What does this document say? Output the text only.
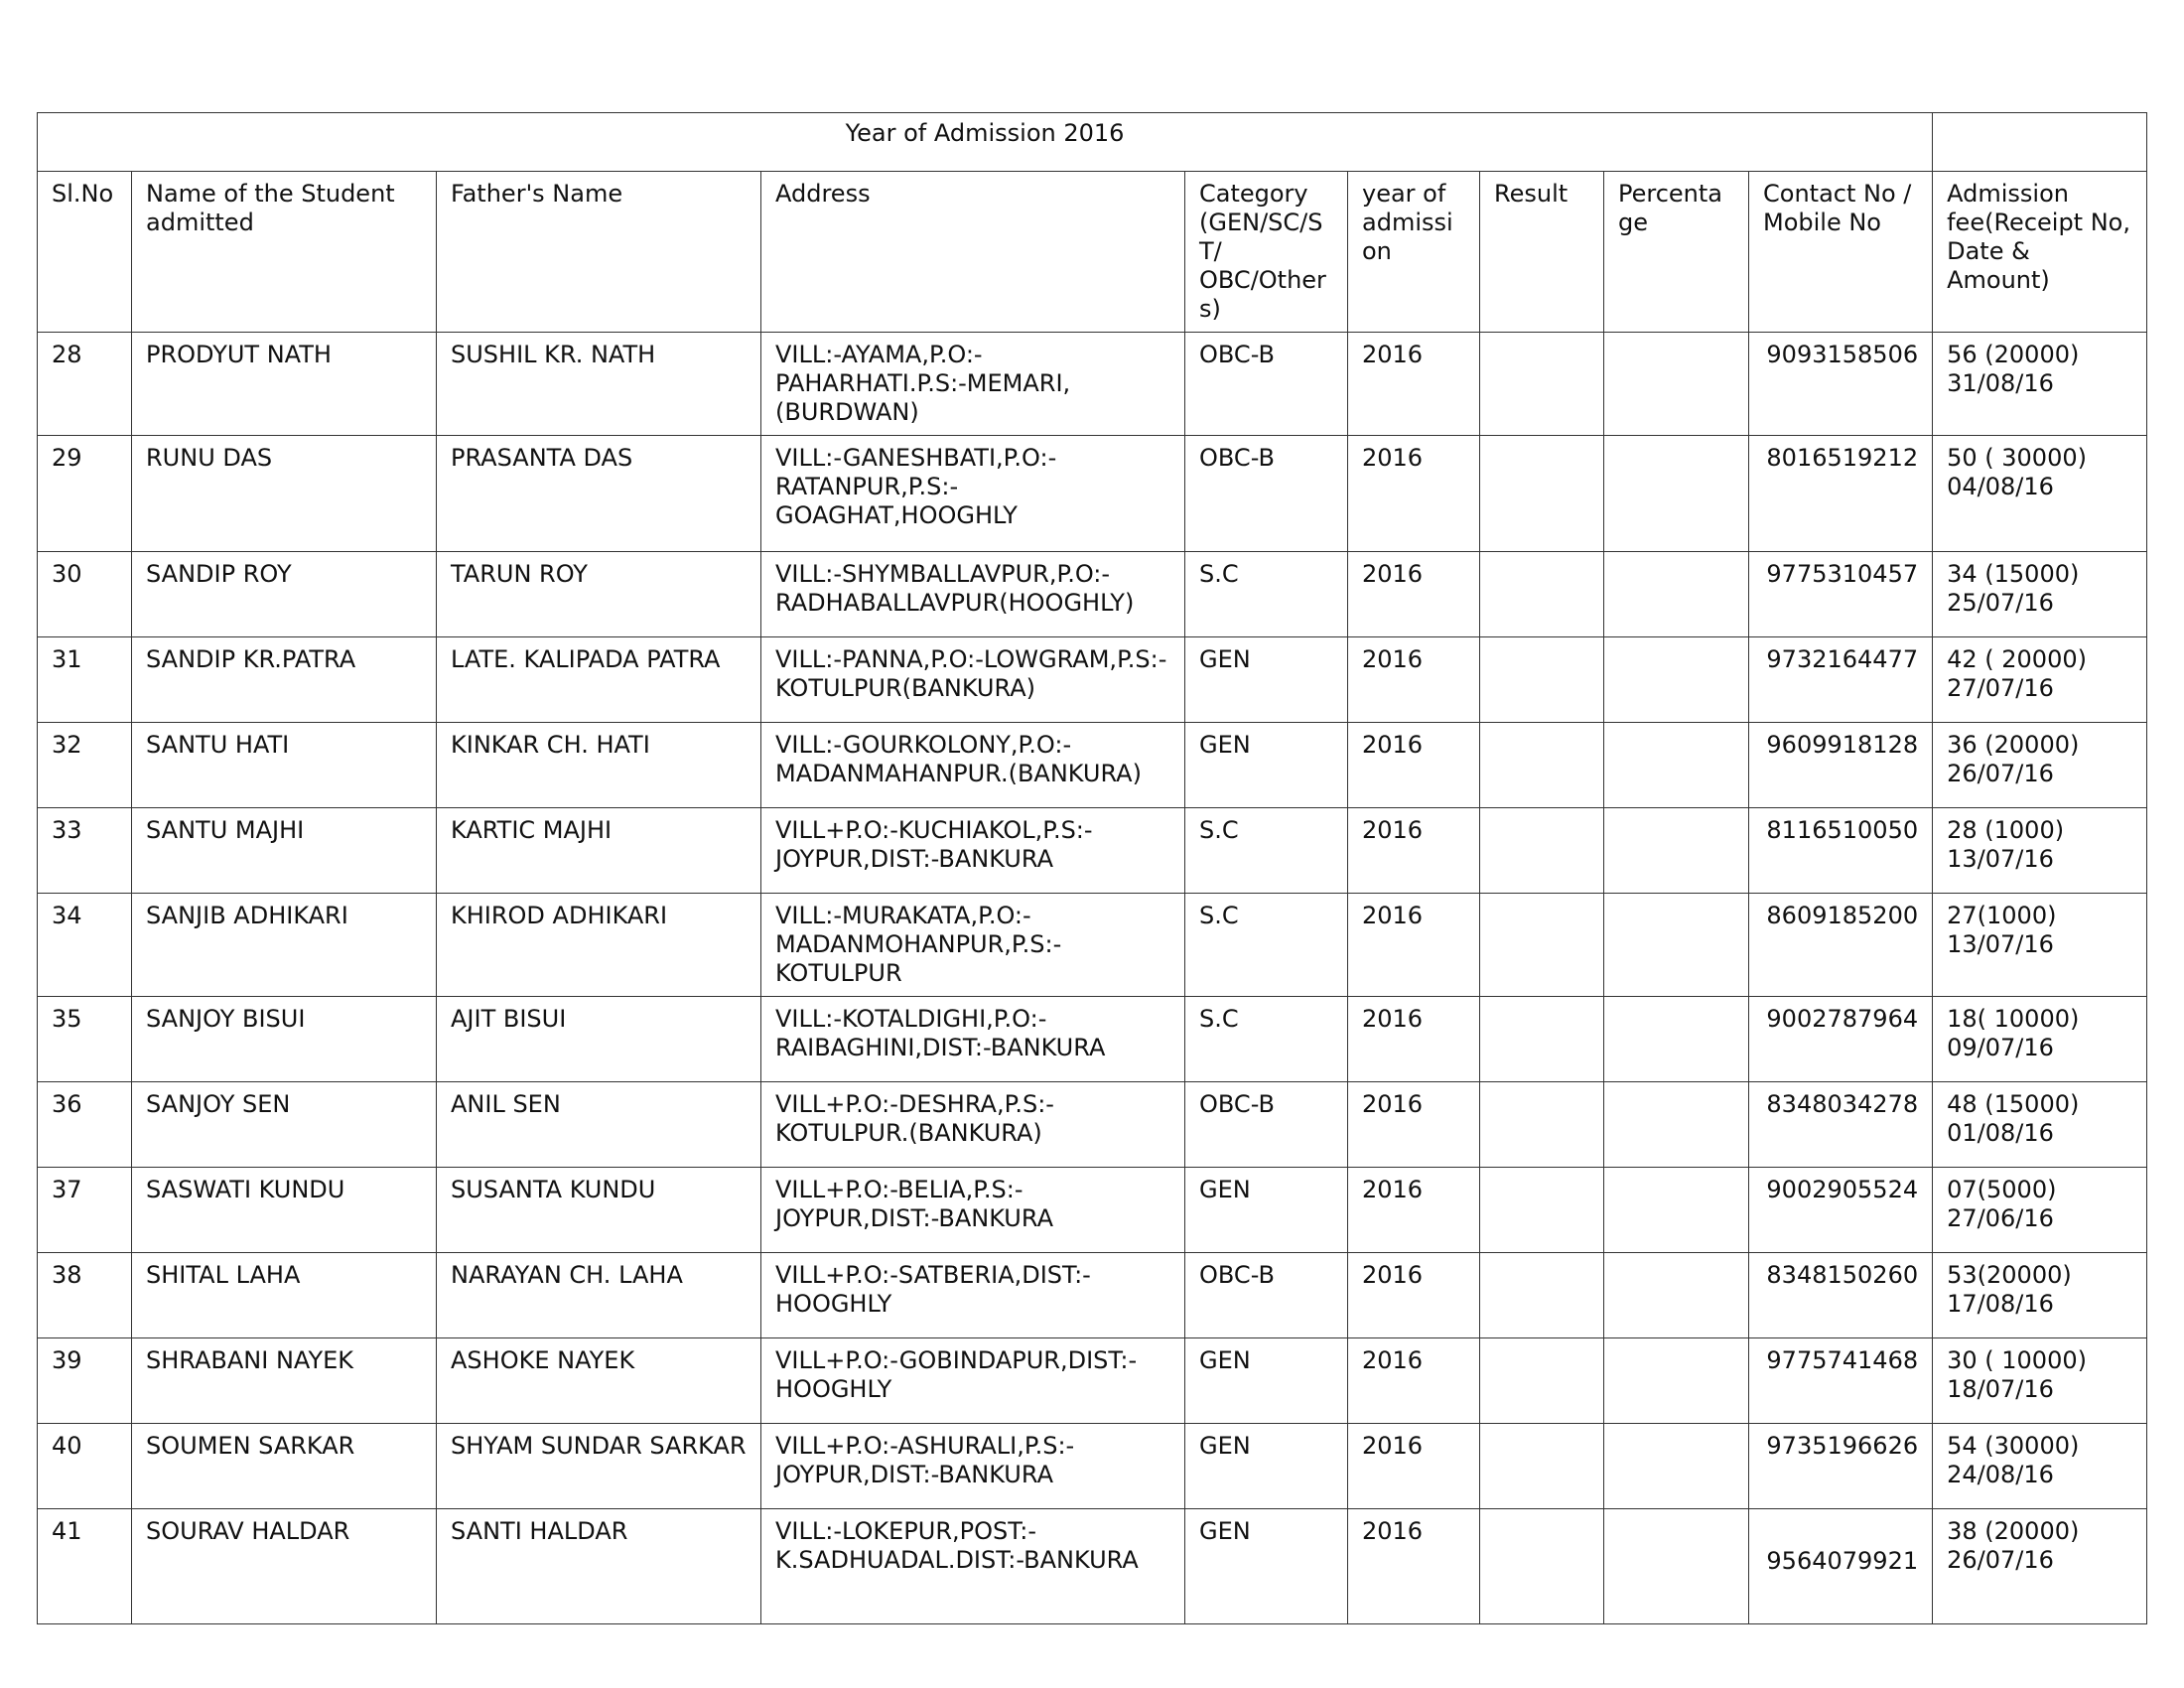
Year of Admission 2016									
Sl.No	Name of the Student admitted	Father's Name	Address	Category (GEN/SC/ST/ OBC/Others)	year of admission	Result	Percentage	Contact No / Mobile No	Admission fee(Receipt No, Date & Amount)
28	PRODYUT NATH	SUSHIL KR. NATH	VILL:-AYAMA,P.O:-PAHARHATI.P.S:-MEMARI,(BURDWAN)	OBC-B	2016			9093158506	56 (20000) 31/08/16
29	RUNU DAS	PRASANTA DAS	VILL:-GANESHBATI,P.O:-RATANPUR,P.S:-GOAGHAT,HOOGHLY	OBC-B	2016			8016519212	50 ( 30000) 04/08/16
30	SANDIP ROY	TARUN ROY	VILL:-SHYMBALLAVPUR,P.O:-RADHABALLAVPUR(HOOGHLY)	S.C	2016			9775310457	34 (15000) 25/07/16
31	SANDIP KR.PATRA	LATE. KALIPADA PATRA	VILL:-PANNA,P.O:-LOWGRAM,P.S:-KOTULPUR(BANKURA)	GEN	2016			9732164477	42 ( 20000) 27/07/16
32	SANTU HATI	KINKAR CH. HATI	VILL:-GOURKOLONY,P.O:-MADANMAHANPUR.(BANKURA)	GEN	2016			9609918128	36 (20000) 26/07/16
33	SANTU MAJHI	KARTIC MAJHI	VILL+P.O:-KUCHIAKOL,P.S:-JOYPUR,DIST:-BANKURA	S.C	2016			8116510050	28 (1000) 13/07/16
34	SANJIB ADHIKARI	KHIROD ADHIKARI	VILL:-MURAKATA,P.O:-MADANMOHANPUR,P.S:-KOTULPUR	S.C	2016			8609185200	27(1000) 13/07/16
35	SANJOY BISUI	AJIT BISUI	VILL:-KOTALDIGHI,P.O:-RAIBAGHINI,DIST:-BANKURA	S.C	2016			9002787964	18( 10000) 09/07/16
36	SANJOY SEN	ANIL SEN	VILL+P.O:-DESHRA,P.S:-KOTULPUR.(BANKURA)	OBC-B	2016			8348034278	48 (15000) 01/08/16
37	SASWATI KUNDU	SUSANTA KUNDU	VILL+P.O:-BELIA,P.S:-JOYPUR,DIST:-BANKURA	GEN	2016			9002905524	07(5000) 27/06/16
38	SHITAL LAHA	NARAYAN CH. LAHA	VILL+P.O:-SATBERIA,DIST:-HOOGHLY	OBC-B	2016			8348150260	53(20000) 17/08/16
39	SHRABANI NAYEK	ASHOKE NAYEK	VILL+P.O:-GOBINDAPUR,DIST:-HOOGHLY	GEN	2016			9775741468	30 ( 10000) 18/07/16
40	SOUMEN SARKAR	SHYAM SUNDAR SARKAR	VILL+P.O:-ASHURALI,P.S:-JOYPUR,DIST:-BANKURA	GEN	2016			9735196626	54 (30000) 24/08/16
41	SOURAV HALDAR	SANTI HALDAR	VILL:-LOKEPUR,POST:-K.SADHUADAL.DIST:-BANKURA	GEN	2016			9564079921	38 (20000) 26/07/16
